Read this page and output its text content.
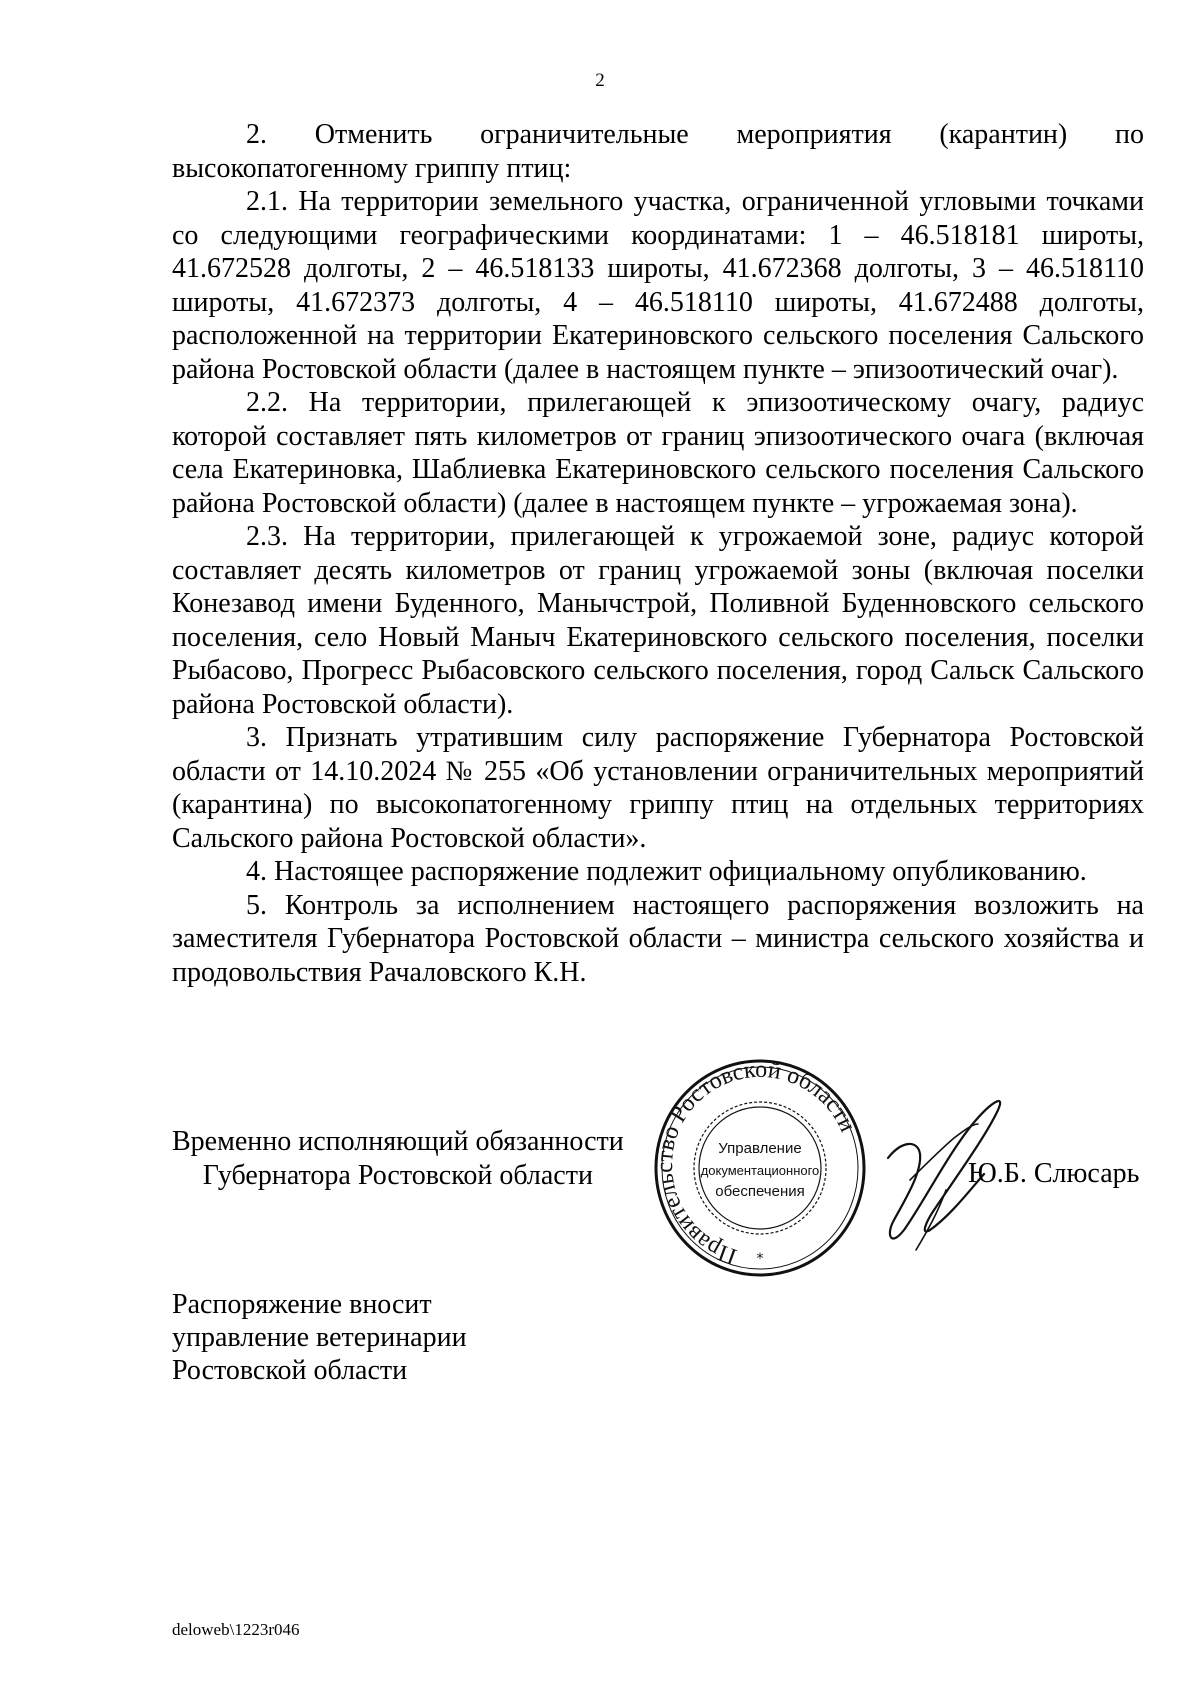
2

2. Отменить ограничительные мероприятия (карантин) по высокопатогенному гриппу птиц:

2.1. На территории земельного участка, ограниченной угловыми точками со следующими географическими координатами: 1 – 46.518181 широты, 41.672528 долготы, 2 – 46.518133 широты, 41.672368 долготы, 3 – 46.518110 широты, 41.672373 долготы, 4 – 46.518110 широты, 41.672488 долготы, расположенной на территории Екатериновского сельского поселения Сальского района Ростовской области (далее в настоящем пункте – эпизоотический очаг).

2.2. На территории, прилегающей к эпизоотическому очагу, радиус которой составляет пять километров от границ эпизоотического очага (включая села Екатериновка, Шаблиевка Екатериновского сельского поселения Сальского района Ростовской области) (далее в настоящем пункте – угрожаемая зона).

2.3. На территории, прилегающей к угрожаемой зоне, радиус которой составляет десять километров от границ угрожаемой зоны (включая поселки Конезавод имени Буденного, Манычстрой, Поливной Буденновского сельского поселения, село Новый Маныч Екатериновского сельского поселения, поселки Рыбасово, Прогресс Рыбасовского сельского поселения, город Сальск Сальского района Ростовской области).

3. Признать утратившим силу распоряжение Губернатора Ростовской области от 14.10.2024 № 255 «Об установлении ограничительных мероприятий (карантина) по высокопатогенному гриппу птиц на отдельных территориях Сальского района Ростовской области».

4. Настоящее распоряжение подлежит официальному опубликованию.

5. Контроль за исполнением настоящего распоряжения возложить на заместителя Губернатора Ростовской области – министра сельского хозяйства и продовольствия Рачаловского К.Н.

Временно исполняющий обязанности
Губернатора Ростовской области
Правительство Ростовской области
Управление
документационного
обеспечения
*
Ю.Б. Слюсарь
Распоряжение вносит
управление ветеринарии
Ростовской области
deloweb\1223r046
